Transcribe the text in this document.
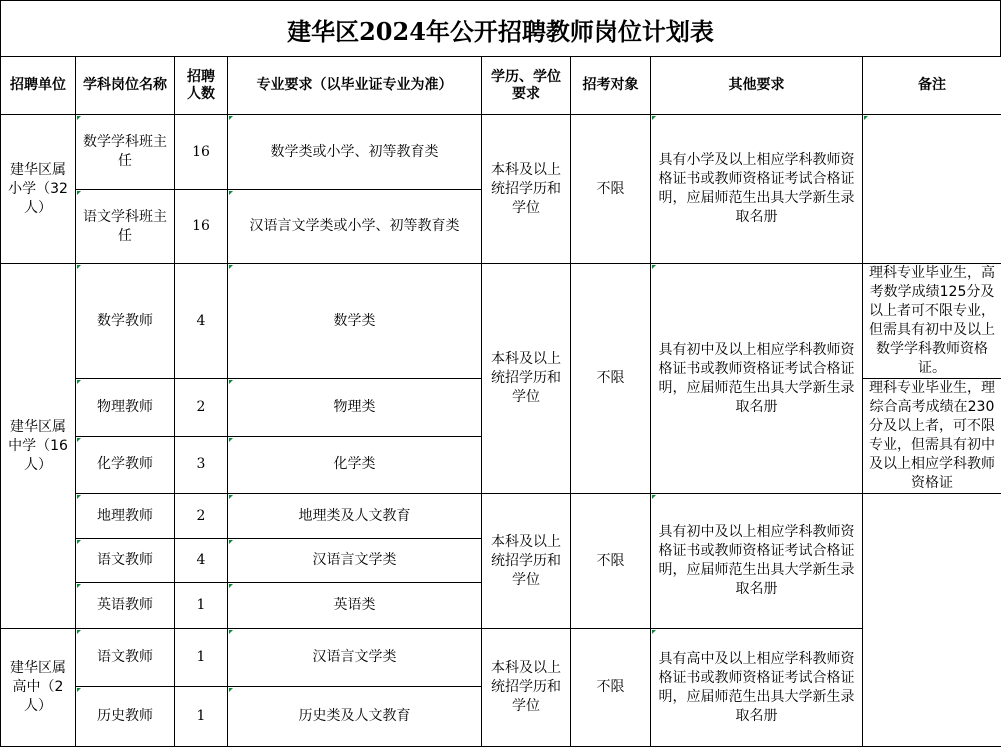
建华区2024年公开招聘教师岗位计划表
招聘单位	学科岗位名称	招聘人数	专业要求（以毕业证专业为准）	学历、学位要求	招考对象	其他要求	备注
建华区属小学（32人）	数学学科班主任	16	数学类或小学、初等教育类	本科及以上统招学历和学位	不限	具有小学及以上相应学科教师资格证书或教师资格证考试合格证明，应届师范生出具大学新生录取名册	
	语文学科班主任	16	汉语言文学类或小学、初等教育类				
建华区属中学（16人）	数学教师	4	数学类	本科及以上统招学历和学位	不限	具有初中及以上相应学科教师资格证书或教师资格证考试合格证明，应届师范生出具大学新生录取名册	理科专业毕业生，高考数学成绩125分及以上者可不限专业，但需具有初中及以上数学学科教师资格证。
	物理教师	2	物理类				理科专业毕业生，理综合高考成绩在230分及以上者，可不限专业，但需具有初中及以上相应学科教师资格证
	化学教师	3	化学类				
	地理教师	2	地理类及人文教育	本科及以上统招学历和学位	不限	具有初中及以上相应学科教师资格证书或教师资格证考试合格证明，应届师范生出具大学新生录取名册	
	语文教师	4	汉语言文学类				
	英语教师	1	英语类				
建华区属高中（2人）	语文教师	1	汉语言文学类	本科及以上统招学历和学位	不限	具有高中及以上相应学科教师资格证书或教师资格证考试合格证明，应届师范生出具大学新生录取名册	
	历史教师	1	历史类及人文教育				
